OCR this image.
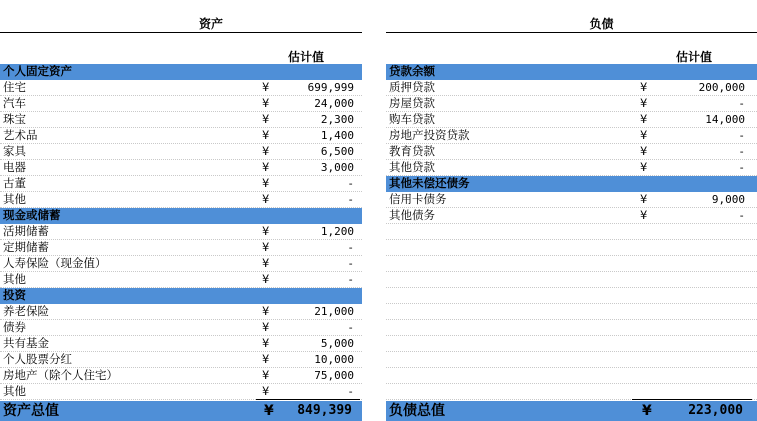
资产
估计值
个人固定资产
住宅	¥	699,999
汽车	¥	24,000
珠宝	¥	2,300
艺术品	¥	1,400
家具	¥	6,500
电器	¥	3,000
古董	¥	-
其他	¥	-
现金或储蓄
活期储蓄	¥	1,200
定期储蓄	¥	-
人寿保险（现金值）	¥	-
其他	¥	-
投资
养老保险	¥	21,000
债券	¥	-
共有基金	¥	5,000
个人股票分红	¥	10,000
房地产（除个人住宅）	¥	75,000
其他	¥	-
资产总值	¥ 849,399
负债
估计值
贷款余额
质押贷款	¥	200,000
房屋贷款	¥	-
购车贷款	¥	14,000
房地产投资贷款	¥	-
教育贷款	¥	-
其他贷款	¥	-
其他未偿还债务
信用卡债务	¥	9,000
其他债务	¥	-
负债总值	¥	223,000
